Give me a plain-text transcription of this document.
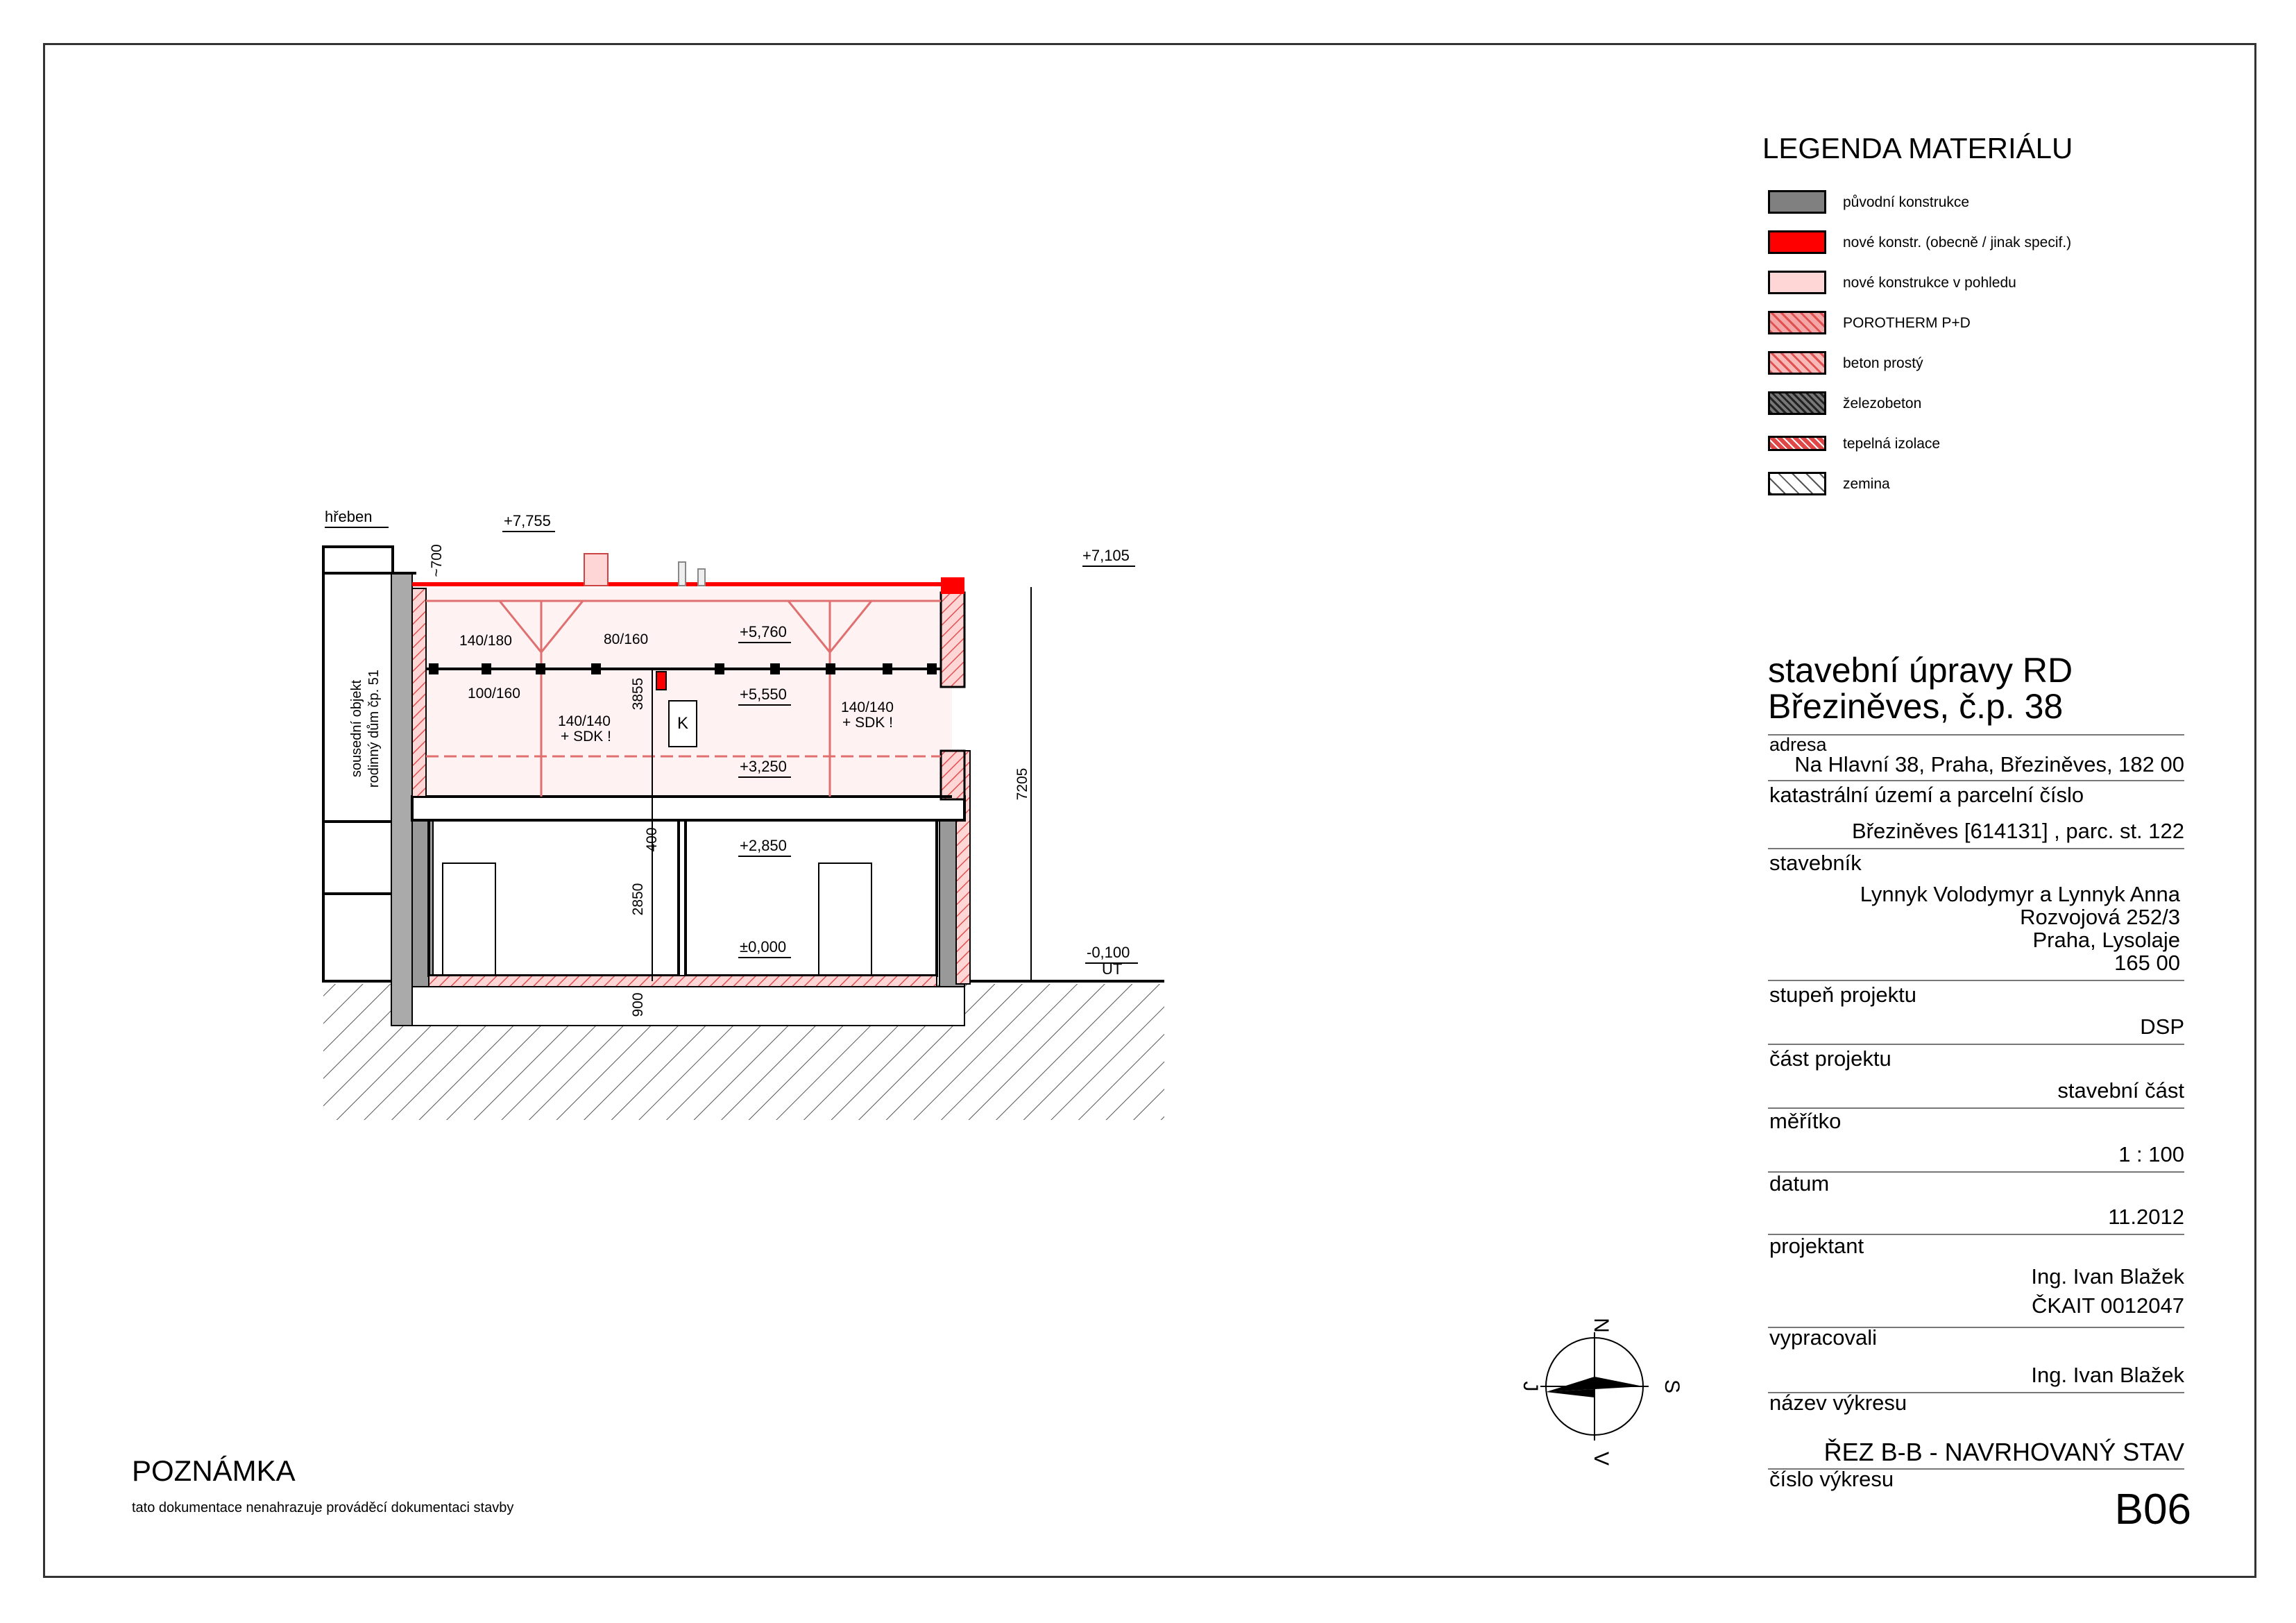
LEGENDA MATERIÁLU
původní konstrukce
nové konstr. (obecně / jinak specif.)
nové konstrukce v pohledu
POROTHERM P+D
beton prostý
železobeton
tepelná izolace
zemina
stavební úpravy RD
Březiněves, č.p. 38
adresa
Na Hlavní 38, Praha, Březiněves, 182 00
katastrální území a parcelní číslo
Březiněves [614131] , parc. st. 122
stavebník
Lynnyk Volodymyr a Lynnyk Anna
Rozvojová 252/3
Praha, Lysolaje
165 00
stupeň projektu
DSP
část projektu
stavební část
měřítko
1 : 100
datum
11.2012
projektant
Ing. Ivan Blažek
ČKAIT 0012047
vypracovali
Ing. Ivan Blažek
název výkresu
ŘEZ B-B - NAVRHOVANÝ STAV
číslo výkresu
B06
POZNÁMKA
tato dokumentace nenahrazuje prováděcí dokumentaci stavby
N
S
J
V
sousední objekt rodinný dům čp. 51	K
hřeben	+7,755
+7,105
+5,760
+5,550
+3,250
+2,850
±0,000	-0,100
UT
140/180	80/160
100/160
140/140
+ SDK !
140/140
+ SDK !
7205
3855
400
2850
900
~700
